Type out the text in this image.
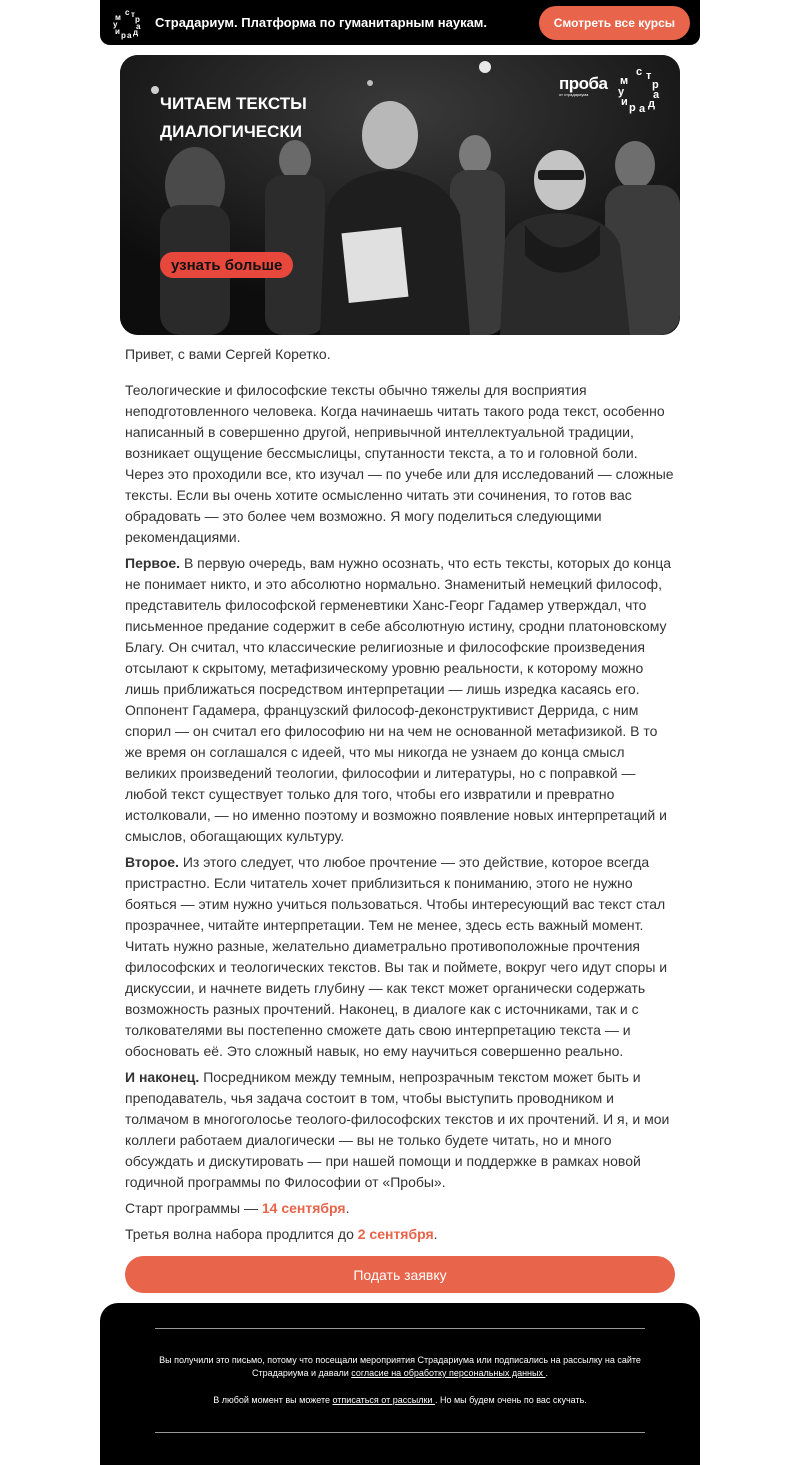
с т
р
а
д
а
р
и
у
м	Страдариум. Платформа по гуманитарным наукам.	Смотреть все курсы
ЧИТАЕМ ТЕКСТЫ
ДИАЛОГИЧЕСКИ
узнать больше
проба
от страдариума
с т
р
а
д
а
р
и
у
м

Привет, с вами Сергей Коретко.

Теологические и философские тексты обычно тяжелы для восприятия неподготовленного человека. Когда начинаешь читать такого рода текст, особенно написанный в совершенно другой, непривычной интеллектуальной традиции, возникает ощущение бессмыслицы, спутанности текста, а то и головной боли. Через это проходили все, кто изучал — по учебе или для исследований — сложные тексты. Если вы очень хотите осмысленно читать эти сочинения, то готов вас обрадовать — это более чем возможно. Я могу поделиться следующими рекомендациями.

Первое. В первую очередь, вам нужно осознать, что есть тексты, которых до конца не понимает никто, и это абсолютно нормально. Знаменитый немецкий философ, представитель философской герменевтики Ханс-Георг Гадамер утверждал, что письменное предание содержит в себе абсолютную истину, сродни платоновскому Благу. Он считал, что классические религиозные и философские произведения отсылают к скрытому, метафизическому уровню реальности, к которому можно лишь приближаться посредством интерпретации — лишь изредка касаясь его. Оппонент Гадамера, французский философ-деконструктивист Деррида, с ним спорил — он считал его философию ни на чем не основанной метафизикой. В то же время он соглашался с идеей, что мы никогда не узнаем до конца смысл великих произведений теологии, философии и литературы, но с поправкой — любой текст существует только для того, чтобы его извратили и превратно истолковали, — но именно поэтому и возможно появление новых интерпретаций и смыслов, обогащающих культуру.

Второе. Из этого следует, что любое прочтение — это действие, которое всегда пристрастно. Если читатель хочет приблизиться к пониманию, этого не нужно бояться — этим нужно учиться пользоваться. Чтобы интересующий вас текст стал прозрачнее, читайте интерпретации. Тем не менее, здесь есть важный момент. Читать нужно разные, желательно диаметрально противоположные прочтения философских и теологических текстов. Вы так и поймете, вокруг чего идут споры и дискуссии, и начнете видеть глубину — как текст может органически содержать возможность разных прочтений. Наконец, в диалоге как с источниками, так и с толкователями вы постепенно сможете дать свою интерпретацию текста — и обосновать её. Это сложный навык, но ему научиться совершенно реально.

И наконец. Посредником между темным, непрозрачным текстом может быть и преподаватель, чья задача состоит в том, чтобы выступить проводником и толмачом в многоголосье теолого-философских текстов и их прочтений. И я, и мои коллеги работаем диалогически — вы не только будете читать, но и много обсуждать и дискутировать — при нашей помощи и поддержке в рамках новой годичной программы по Философии от «Пробы».

Старт программы — 14 сентября.

Третья волна набора продлится до 2 сентября.

Подать заявку
Вы получили это письмо, потому что посещали мероприятия Страдариума или подписались на рассылку на сайте Страдариума и давали согласие на обработку персональных данных .
В любой момент вы можете отписаться от рассылки . Но мы будем очень по вас скучать.
